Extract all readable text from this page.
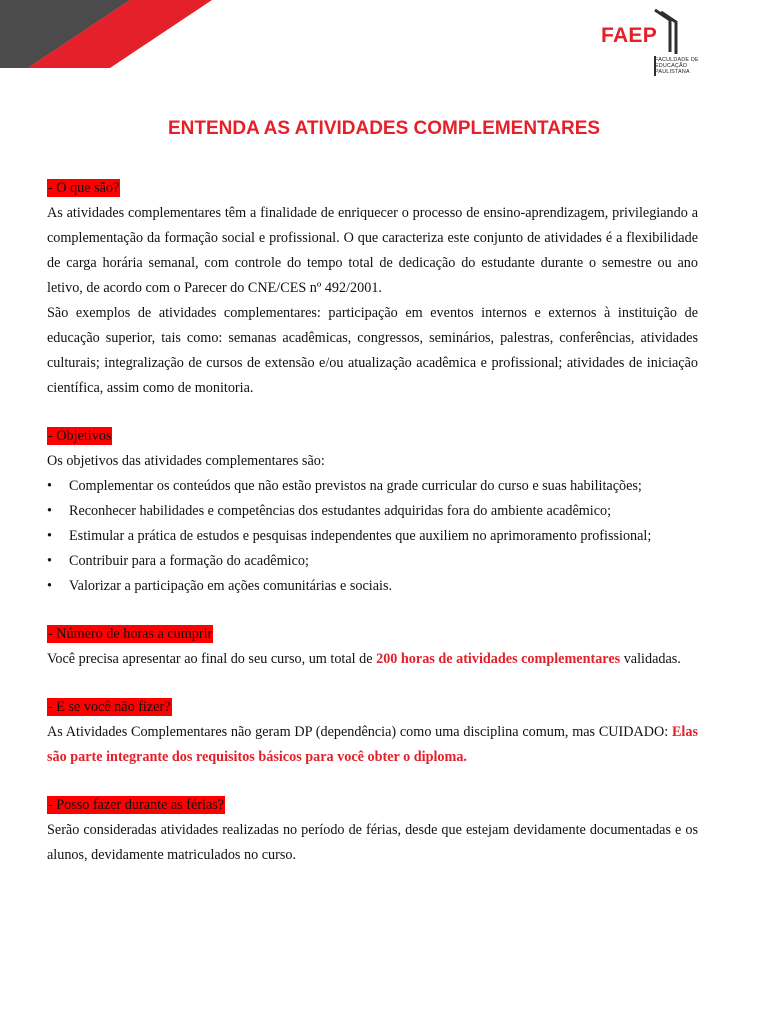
FAEP
FACULDADE DE
EDUCAÇÃO
PAULISTANA
ENTENDA AS ATIVIDADES COMPLEMENTARES
- O que são?

As atividades complementares têm a finalidade de enriquecer o processo de ensino-aprendizagem, privilegiando a complementação da formação social e profissional. O que caracteriza este conjunto de atividades é a flexibilidade de carga horária semanal, com controle do tempo total de dedicação do estudante durante o semestre ou ano letivo, de acordo com o Parecer do CNE/CES nº 492/2001.

São exemplos de atividades complementares: participação em eventos internos e externos à instituição de educação superior, tais como: semanas acadêmicas, congressos, seminários, palestras, conferências, atividades culturais; integralização de cursos de extensão e/ou atualização acadêmica e profissional; atividades de iniciação científica, assim como de monitoria.

- Objetivos

Os objetivos das atividades complementares são:

• Complementar os conteúdos que não estão previstos na grade curricular do curso e suas habilitações;
• Reconhecer habilidades e competências dos estudantes adquiridas fora do ambiente acadêmico;
• Estimular a prática de estudos e pesquisas independentes que auxiliem no aprimoramento profissional;
• Contribuir para a formação do acadêmico;
• Valorizar a participação em ações comunitárias e sociais.
- Número de horas a cumprir

Você precisa apresentar ao final do seu curso, um total de 200 horas de atividades complementares validadas.

- E se você não fizer?

As Atividades Complementares não geram DP (dependência) como uma disciplina comum, mas CUIDADO: Elas são parte integrante dos requisitos básicos para você obter o diploma.

- Posso fazer durante as férias?

Serão consideradas atividades realizadas no período de férias, desde que estejam devidamente documentadas e os alunos, devidamente matriculados no curso.
